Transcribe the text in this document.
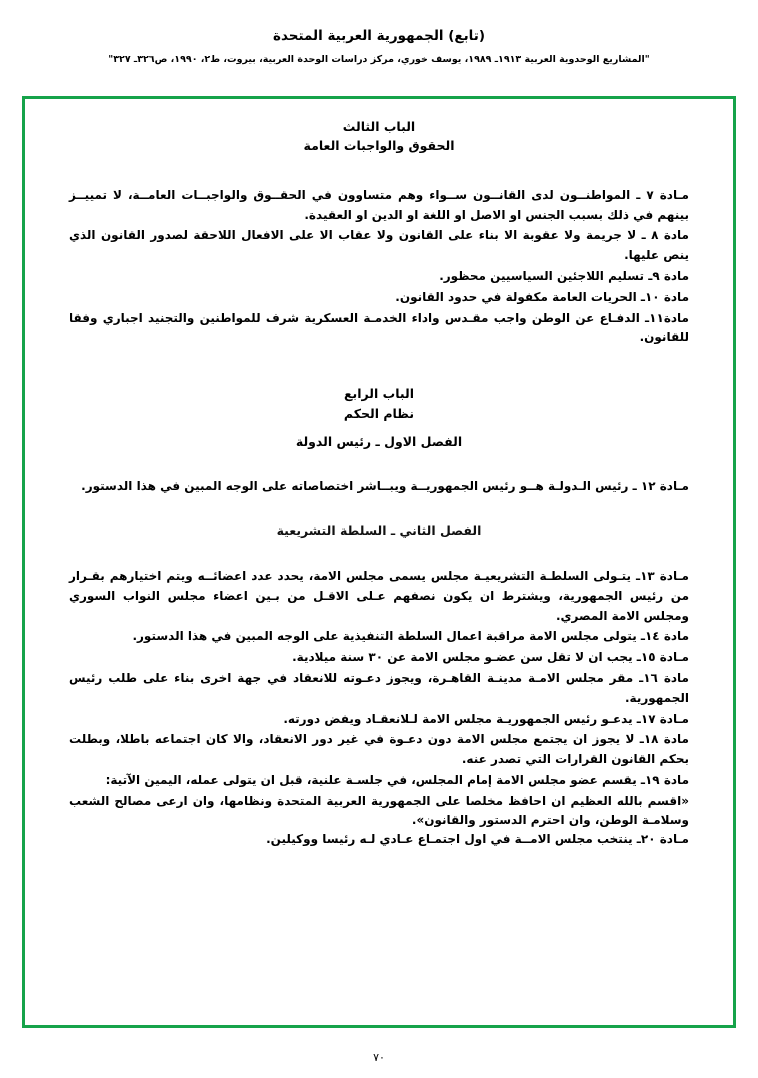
(تابع) الجمهورية العربية المتحدة
"المشاريع الوحدوية العربية ١٩١٣ـ ١٩٨٩، يوسف خوري، مركز دراسات الوحدة العربية، بيروت، ط٢، ١٩٩٠، ص٣٢٦ـ ٣٢٧"
الباب الثالث
الحقوق والواجبات العامة

مـادة ٧ ـ المواطنــون لدى القانــون ســواء وهم متساوون في الحقــوق والواجبــات العامــة، لا تمييــز بينهم في ذلك بسبب الجنس او الاصل او اللغة او الدين او العقيدة.

مادة ٨ ـ لا جريمة ولا عقوبة الا بناء على القانون ولا عقاب الا على الافعال اللاحقة لصدور القانون الذي ينص عليها.

مادة ٩ـ تسليم اللاجئين السياسيين محظور.

مادة ١٠ـ الحريات العامة مكفولة في حدود القانون.

مادة١١ـ الدفـاع عن الوطن واجب مقـدس واداء الخدمـة العسكرية شرف للمواطنين والتجنيد اجباري وفقا للقانون.

الباب الرابع
نظام الحكم
الفصل الاول ـ رئيس الدولة

مـادة ١٢ ـ رئيس الـدولـة هــو رئيس الجمهوريــة ويبــاشر اختصاصاته على الوجه المبين في هذا الدستور.

الفصل الثاني ـ السلطة التشريعية

مـادة ١٣ـ يتـولى السلطـة التشريعيـة مجلس يسمى مجلس الامة، يحدد عدد اعضائــه ويتم اختيارهم بقـرار من رئيس الجمهورية، ويشترط ان يكون نصفهم عـلى الاقـل من بـين اعضاء مجلس النواب السوري ومجلس الامة المصري.

مادة ١٤ـ يتولى مجلس الامة مراقبة اعمال السلطة التنفيذية على الوجه المبين في هذا الدستور.

مـادة ١٥ـ يجب ان لا تقل سن عضـو مجلس الامة عن ٣٠ سنة ميلادية.

مادة ١٦ـ مقر مجلس الامـة مدينـة القاهـرة، ويجوز دعـوته للانعقاد في جهة اخرى بناء على طلب رئيس الجمهورية.

مـادة ١٧ـ يدعـو رئيس الجمهوريـة مجلس الامة لـلانعقـاد ويفض دورته.

مادة ١٨ـ لا يجوز ان يجتمع مجلس الامة دون دعـوة في غير دور الانعقاد، والا كان اجتماعه باطلا، وبطلت بحكم القانون القرارات التي تصدر عنه.

مادة ١٩ـ يقسم عضو مجلس الامة إمام المجلس، في جلسـة علنية، قبل ان يتولى عمله، اليمين الآتية:

«اقسم بالله العظيم ان احافظ مخلصا على الجمهورية العربية المتحدة ونظامها، وان ارعى مصالح الشعب وسلامـة الوطن، وان احترم الدستور والقانون».

مـادة ٢٠ـ ينتخب مجلس الامــة في اول اجتمـاع عـادي لـه رئيسا ووكيلين.

٧٠
